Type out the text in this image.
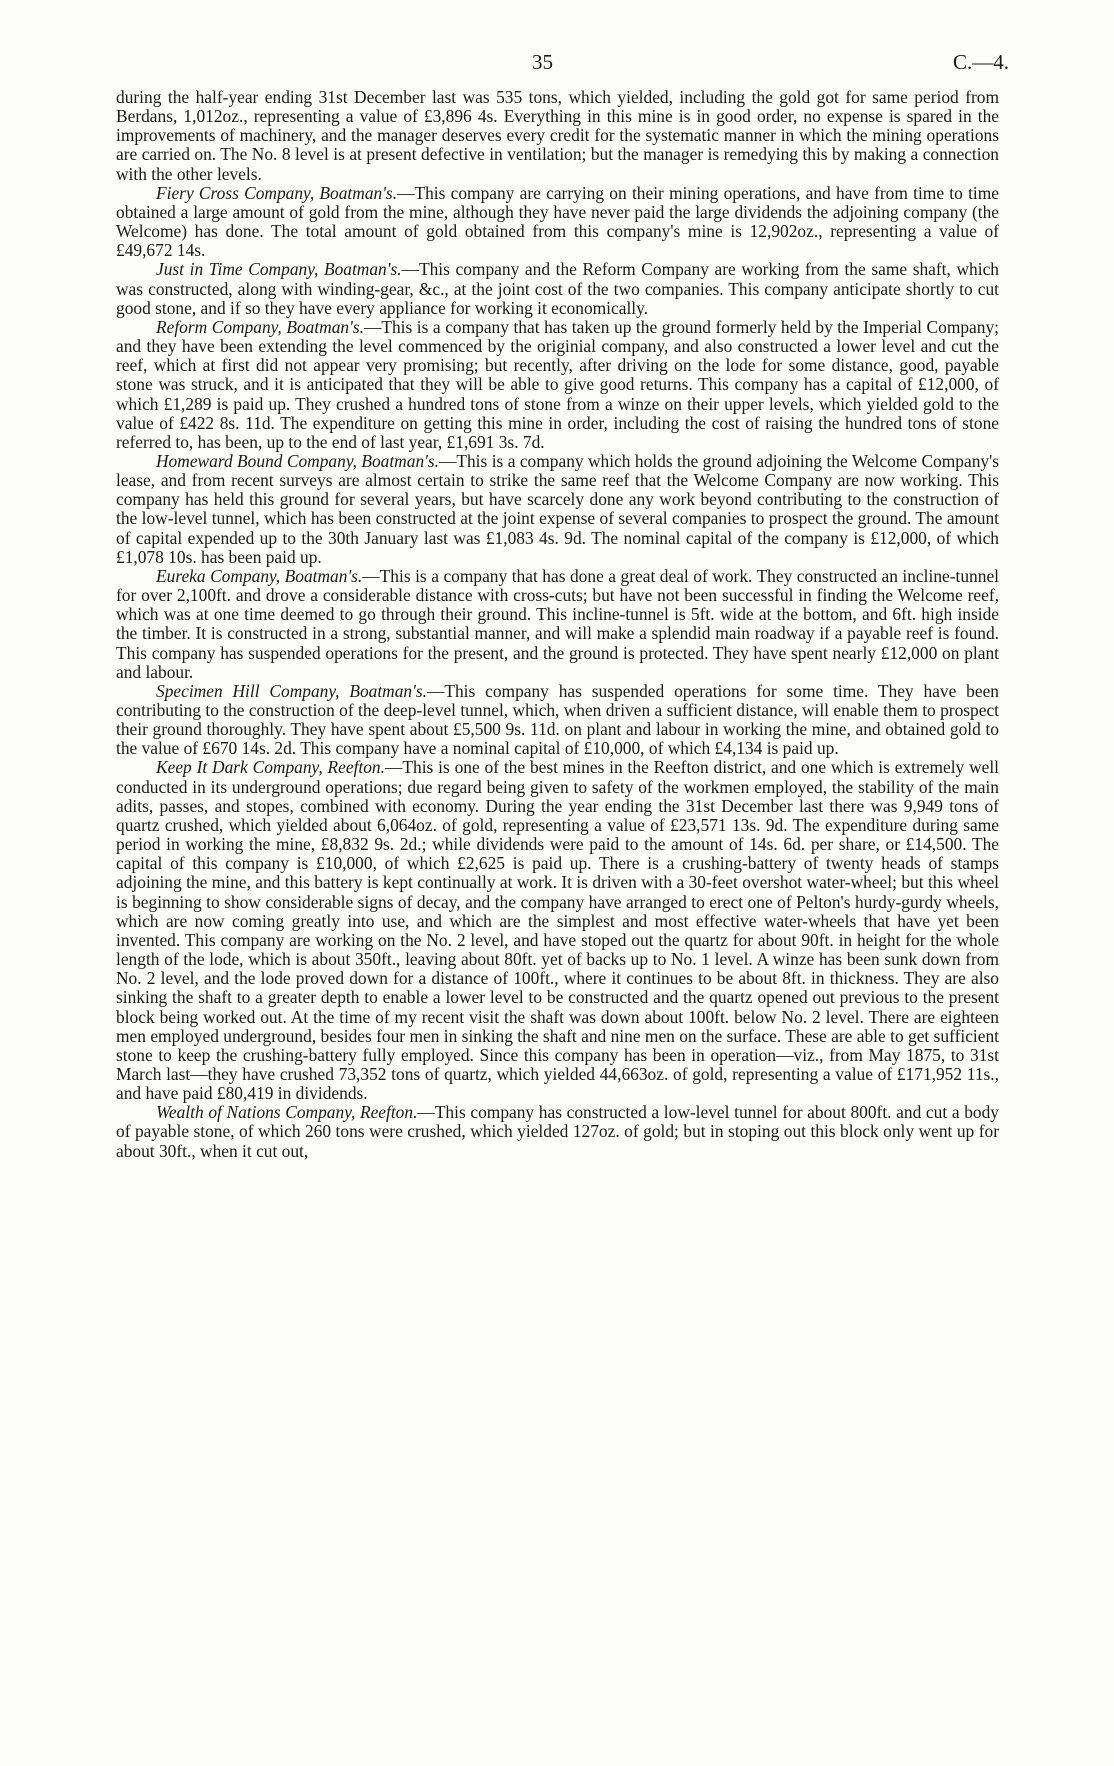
35	C.—4.

during the half-year ending 31st December last was 535 tons, which yielded, including the gold got for same period from Berdans, 1,012oz., representing a value of £3,896 4s. Everything in this mine is in good order, no expense is spared in the improvements of machinery, and the manager deserves every credit for the systematic manner in which the mining operations are carried on. The No. 8 level is at present defective in ventilation; but the manager is remedying this by making a connection with the other levels.

Fiery Cross Company, Boatman's.—This company are carrying on their mining operations, and have from time to time obtained a large amount of gold from the mine, although they have never paid the large dividends the adjoining company (the Welcome) has done. The total amount of gold obtained from this company's mine is 12,902oz., representing a value of £49,672 14s.

Just in Time Company, Boatman's.—This company and the Reform Company are working from the same shaft, which was constructed, along with winding-gear, &c., at the joint cost of the two companies. This company anticipate shortly to cut good stone, and if so they have every appliance for working it economically.

Reform Company, Boatman's.—This is a company that has taken up the ground formerly held by the Imperial Company; and they have been extending the level commenced by the originial company, and also constructed a lower level and cut the reef, which at first did not appear very promising; but recently, after driving on the lode for some distance, good, payable stone was struck, and it is anticipated that they will be able to give good returns. This company has a capital of £12,000, of which £1,289 is paid up. They crushed a hundred tons of stone from a winze on their upper levels, which yielded gold to the value of £422 8s. 11d. The expenditure on getting this mine in order, including the cost of raising the hundred tons of stone referred to, has been, up to the end of last year, £1,691 3s. 7d.

Homeward Bound Company, Boatman's.—This is a company which holds the ground adjoining the Welcome Company's lease, and from recent surveys are almost certain to strike the same reef that the Welcome Company are now working. This company has held this ground for several years, but have scarcely done any work beyond contributing to the construction of the low-level tunnel, which has been constructed at the joint expense of several companies to prospect the ground. The amount of capital expended up to the 30th January last was £1,083 4s. 9d. The nominal capital of the company is £12,000, of which £1,078 10s. has been paid up.

Eureka Company, Boatman's.—This is a company that has done a great deal of work. They constructed an incline-tunnel for over 2,100ft. and drove a considerable distance with cross-cuts; but have not been successful in finding the Welcome reef, which was at one time deemed to go through their ground. This incline-tunnel is 5ft. wide at the bottom, and 6ft. high inside the timber. It is constructed in a strong, substantial manner, and will make a splendid main roadway if a payable reef is found. This company has suspended operations for the present, and the ground is protected. They have spent nearly £12,000 on plant and labour.

Specimen Hill Company, Boatman's.—This company has suspended operations for some time. They have been contributing to the construction of the deep-level tunnel, which, when driven a sufficient distance, will enable them to prospect their ground thoroughly. They have spent about £5,500 9s. 11d. on plant and labour in working the mine, and obtained gold to the value of £670 14s. 2d. This company have a nominal capital of £10,000, of which £4,134 is paid up.

Keep It Dark Company, Reefton.—This is one of the best mines in the Reefton district, and one which is extremely well conducted in its underground operations; due regard being given to safety of the workmen employed, the stability of the main adits, passes, and stopes, combined with economy. During the year ending the 31st December last there was 9,949 tons of quartz crushed, which yielded about 6,064oz. of gold, representing a value of £23,571 13s. 9d. The expenditure during same period in working the mine, £8,832 9s. 2d.; while dividends were paid to the amount of 14s. 6d. per share, or £14,500. The capital of this company is £10,000, of which £2,625 is paid up. There is a crushing-battery of twenty heads of stamps adjoining the mine, and this battery is kept continually at work. It is driven with a 30-feet overshot water-wheel; but this wheel is beginning to show considerable signs of decay, and the company have arranged to erect one of Pelton's hurdy-gurdy wheels, which are now coming greatly into use, and which are the simplest and most effective water-wheels that have yet been invented. This company are working on the No. 2 level, and have stoped out the quartz for about 90ft. in height for the whole length of the lode, which is about 350ft., leaving about 80ft. yet of backs up to No. 1 level. A winze has been sunk down from No. 2 level, and the lode proved down for a distance of 100ft., where it continues to be about 8ft. in thickness. They are also sinking the shaft to a greater depth to enable a lower level to be constructed and the quartz opened out previous to the present block being worked out. At the time of my recent visit the shaft was down about 100ft. below No. 2 level. There are eighteen men employed underground, besides four men in sinking the shaft and nine men on the surface. These are able to get sufficient stone to keep the crushing-battery fully employed. Since this company has been in operation—viz., from May 1875, to 31st March last—they have crushed 73,352 tons of quartz, which yielded 44,663oz. of gold, representing a value of £171,952 11s., and have paid £80,419 in dividends.

Wealth of Nations Company, Reefton.—This company has constructed a low-level tunnel for about 800ft. and cut a body of payable stone, of which 260 tons were crushed, which yielded 127oz. of gold; but in stoping out this block only went up for about 30ft., when it cut out,
